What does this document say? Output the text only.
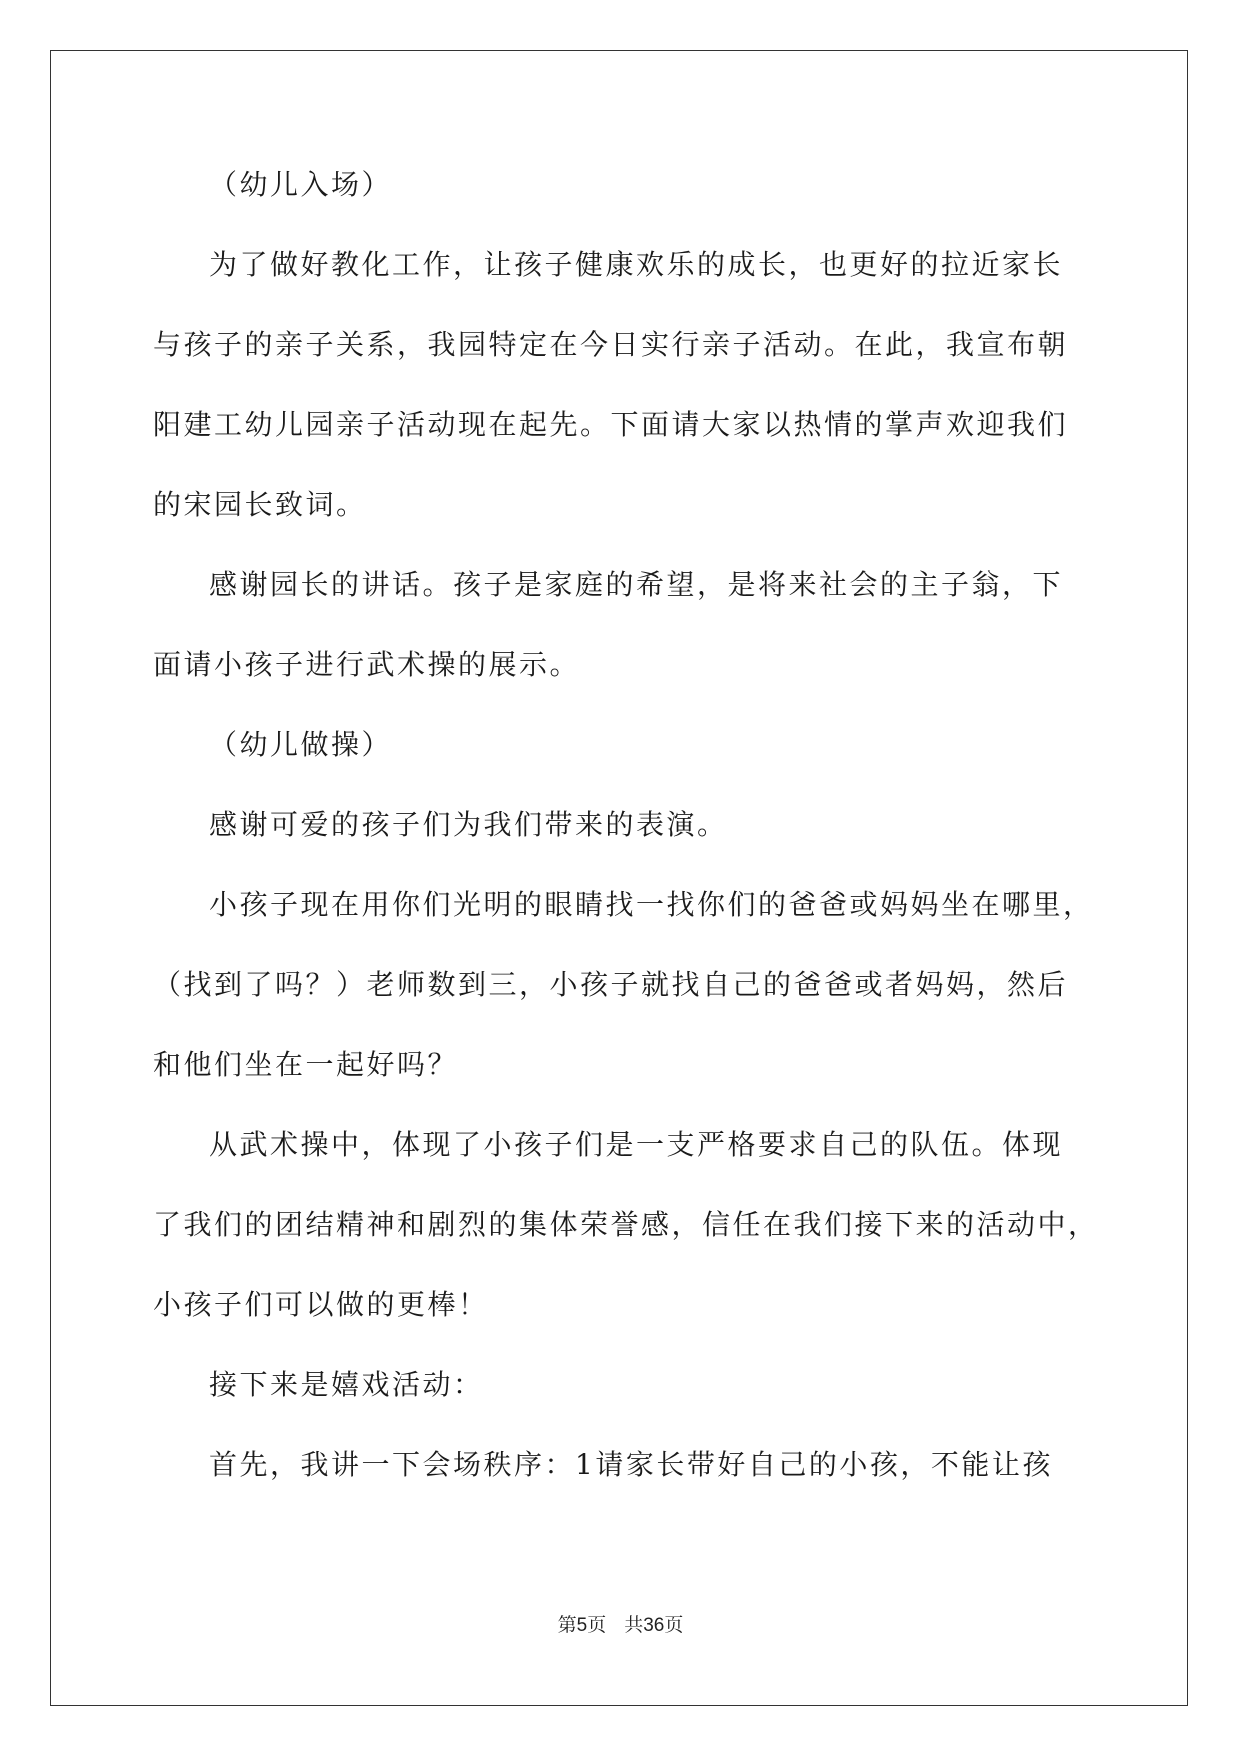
（幼儿入场）
为了做好教化工作，让孩子健康欢乐的成长，也更好的拉近家长
与孩子的亲子关系，我园特定在今日实行亲子活动。在此，我宣布朝
阳建工幼儿园亲子活动现在起先。下面请大家以热情的掌声欢迎我们
的宋园长致词。
感谢园长的讲话。孩子是家庭的希望，是将来社会的主子翁，下
面请小孩子进行武术操的展示。
（幼儿做操）
感谢可爱的孩子们为我们带来的表演。
小孩子现在用你们光明的眼睛找一找你们的爸爸或妈妈坐在哪里，
（找到了吗？）老师数到三，小孩子就找自己的爸爸或者妈妈，然后
和他们坐在一起好吗？
从武术操中，体现了小孩子们是一支严格要求自己的队伍。体现
了我们的团结精神和剧烈的集体荣誉感，信任在我们接下来的活动中，
小孩子们可以做的更棒！
接下来是嬉戏活动：
首先，我讲一下会场秩序：1请家长带好自己的小孩，不能让孩
第5页 共36页
